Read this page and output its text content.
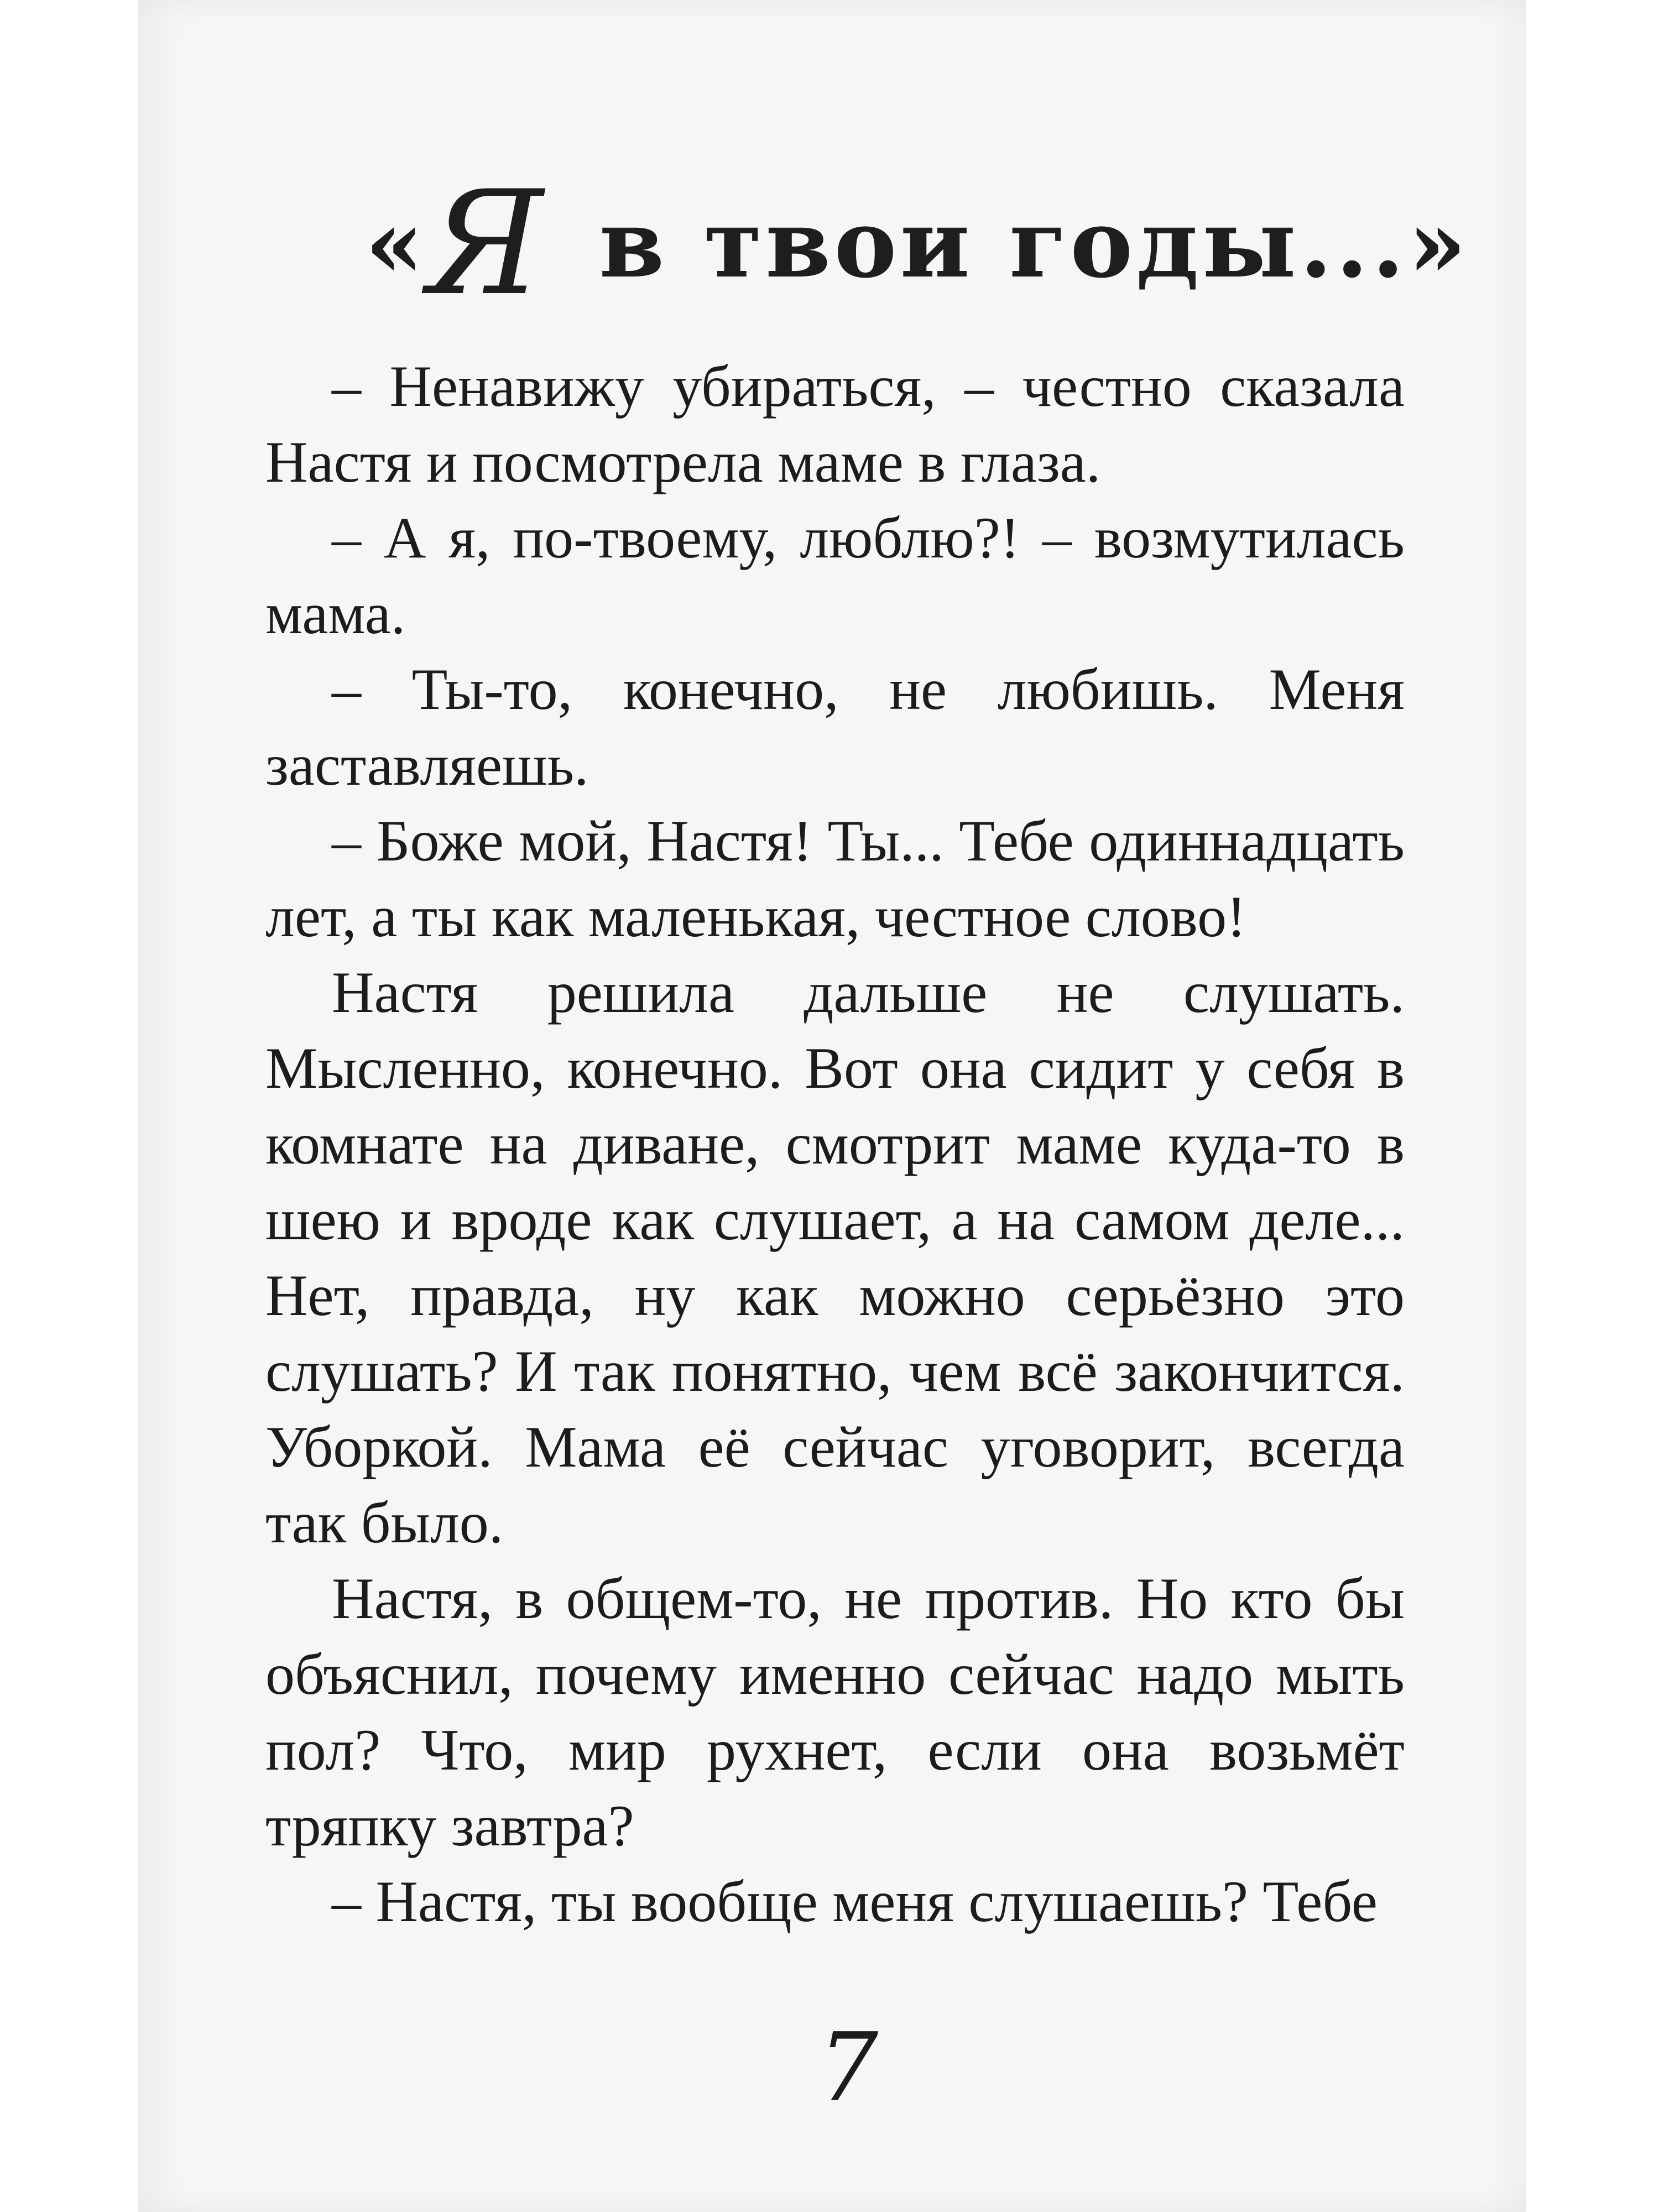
«Я в твои годы...»

– Ненавижу убираться, – честно сказала Настя и посмотрела маме в глаза.

– А я, по-твоему, люблю?! – возмутилась мама.

– Ты-то, конечно, не любишь. Меня заставляешь.

– Боже мой, Настя! Ты... Тебе одиннадцать лет, а ты как маленькая, честное слово!

Настя решила дальше не слушать. Мысленно, конечно. Вот она сидит у себя в комнате на диване, смотрит маме куда-то в шею и вроде как слушает, а на самом деле... Нет, правда, ну как можно серьёзно это слушать? И так понятно, чем всё закончится. Уборкой. Мама её сейчас уговорит, всегда так было.

Настя, в общем-то, не против. Но кто бы объяснил, почему именно сейчас надо мыть пол? Что, мир рухнет, если она возьмёт тряпку завтра?

– Настя, ты вообще меня слушаешь? Тебе

7
